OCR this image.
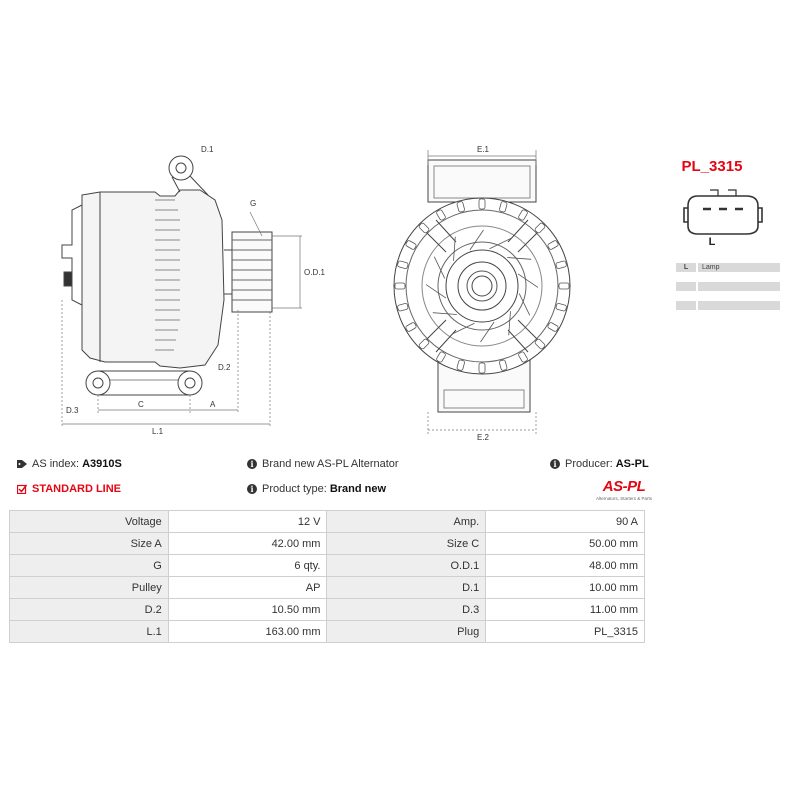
D.1
G
O.D.1
D.2
D.3
C	A
L.1
E.1
E.2
PL_3315
L
L	Lamp
AS index: A3910S	i Brand new AS-PL Alternator	i Producer: AS-PL
STANDARD LINE	i Product type: Brand new	AS-PL
Alternators, Starters & Parts
Voltage	12 V	Amp.	90 A
Size A	42.00 mm	Size C	50.00 mm
G	6 qty.	O.D.1	48.00 mm
Pulley	AP	D.1	10.00 mm
D.2	10.50 mm	D.3	11.00 mm
L.1	163.00 mm	Plug	PL_3315
